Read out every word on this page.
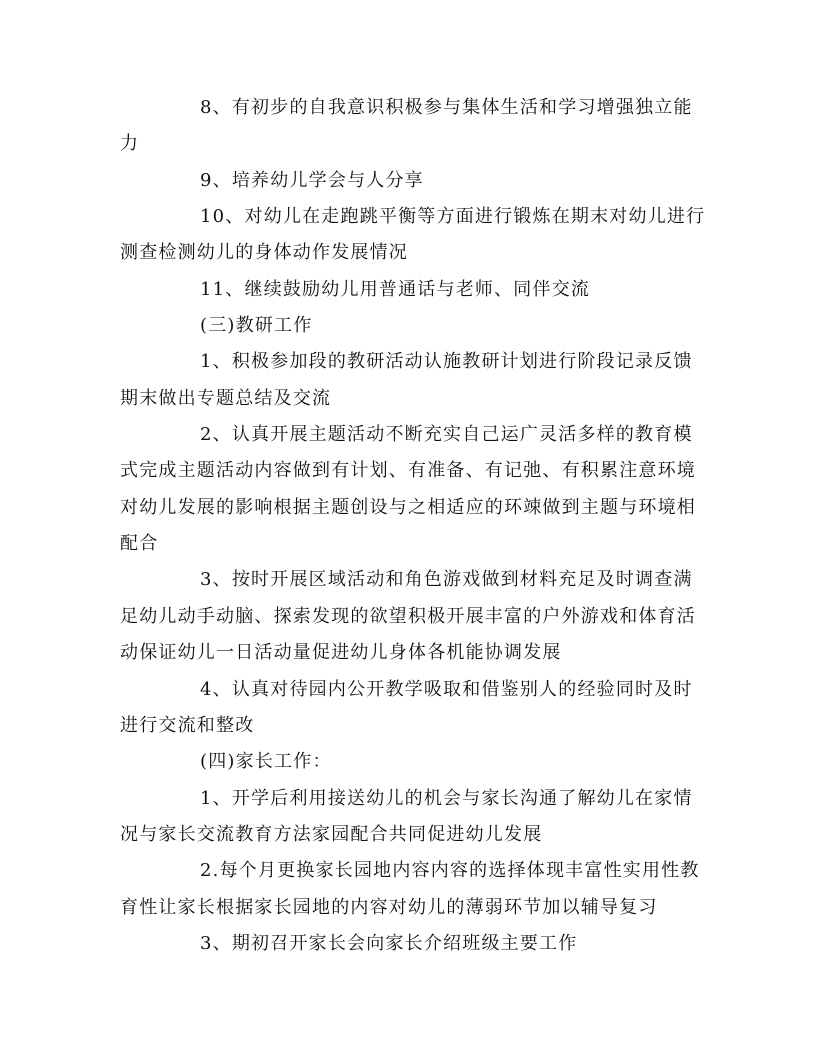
8、有初步的自我意识积极参与集体生活和学习增强独立能
力
9、培养幼儿学会与人分享
10、对幼儿在走跑跳平衡等方面进行锻炼在期末对幼儿进行
测查检测幼儿的身体动作发展情况
11、继续鼓励幼儿用普通话与老师、同伴交流
(三)教研工作
1、积极参加段的教研活动认施教研计划进行阶段记录反馈
期末做出专题总结及交流
2、认真开展主题活动不断充实自己运广灵活多样的教育模
式完成主题活动内容做到有计划、有准备、有记弛、有积累注意环境
对幼儿发展的影响根据主题创设与之相适应的环竦做到主题与环境相
配合
3、按时开展区域活动和角色游戏做到材料充足及时调查满
足幼儿动手动脑、探索发现的欲望积极开展丰富的户外游戏和体育活
动保证幼儿一日活动量促进幼儿身体各机能协调发展
4、认真对待园内公开教学吸取和借鉴别人的经验同时及时
进行交流和整改
(四)家长工作：
1、开学后利用接送幼儿的机会与家长沟通了解幼儿在家情
况与家长交流教育方法家园配合共同促进幼儿发展
2.每个月更换家长园地内容内容的选择体现丰富性实用性教
育性让家长根据家长园地的内容对幼儿的薄弱环节加以辅导复习
3、期初召开家长会向家长介绍班级主要工作
